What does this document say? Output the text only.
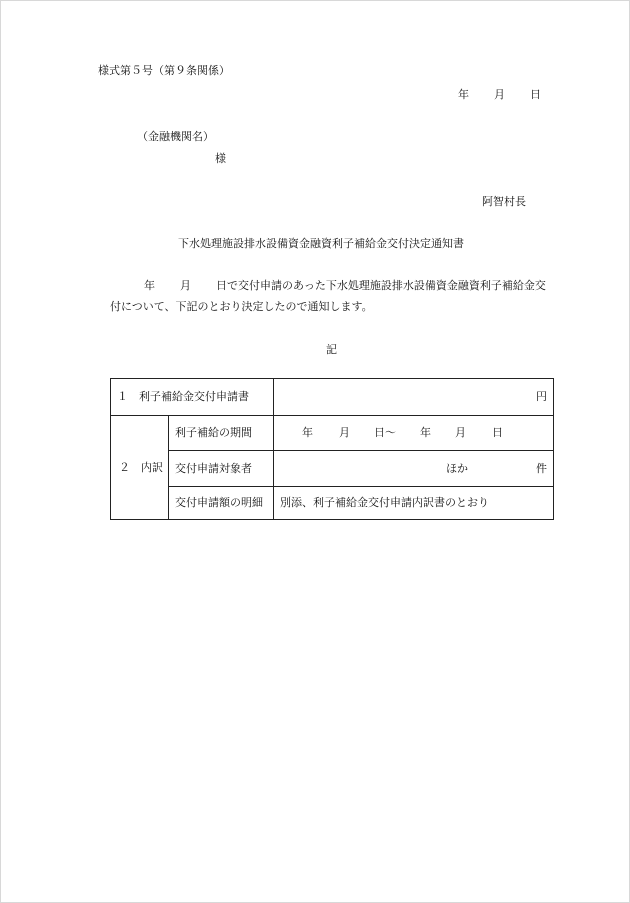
様式第５号（第９条関係）
年 月 日
（金融機関名）
様
阿智村長
下水処理施設排水設備資金融資利子補給金交付決定通知書
年 月 日で交付申請のあった下水処理施設排水設備資金融資利子補給金交
付について、下記のとおり決定したので通知します。
記
１　利子補給金交付申請書		円
２　内訳	利子補給の期間	年 月 日～ 年 月 日
	交付申請対象者	ほか 件
	交付申請額の明細	別添、利子補給金交付申請内訳書のとおり
